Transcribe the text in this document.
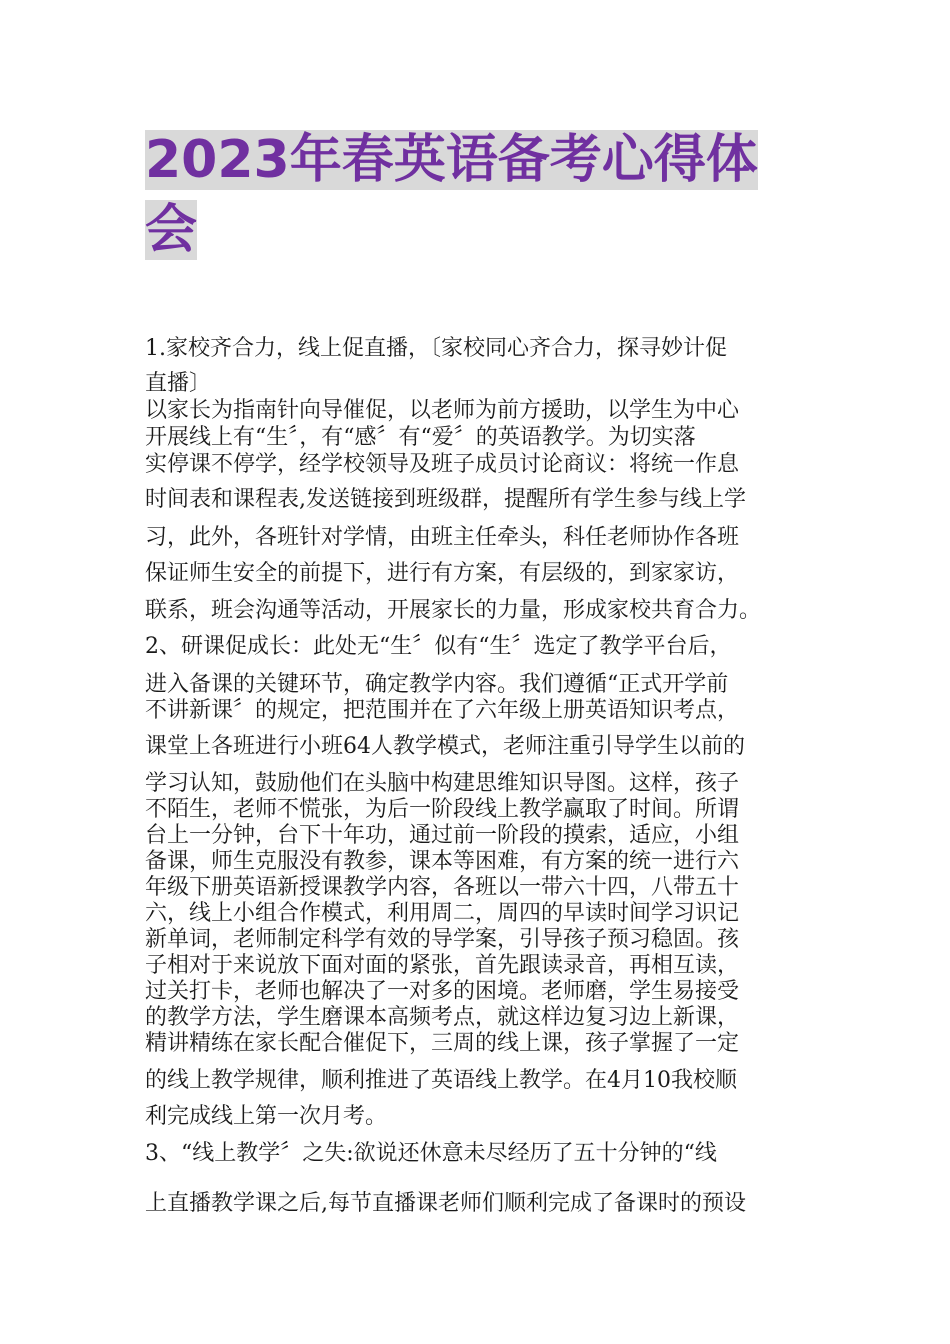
2023年春英语备考心得体
会
1.家校齐合力，线上促直播，〔家校同心齐合力，探寻妙计促
直播〕
以家长为指南针向导催促，以老师为前方援助，以学生为中心
开展线上有“生〞，有“感〞有“爱〞的英语教学。为切实落
实停课不停学，经学校领导及班子成员讨论商议：将统一作息
时间表和课程表,发送链接到班级群，提醒所有学生参与线上学
习，此外，各班针对学情，由班主任牵头，科任老师协作各班
保证师生安全的前提下，进行有方案，有层级的，到家家访，
联系，班会沟通等活动，开展家长的力量，形成家校共育合力。
2、研课促成长：此处无“生〞似有“生〞选定了教学平台后，
进入备课的关键环节，确定教学内容。我们遵循“正式开学前
不讲新课〞的规定，把范围并在了六年级上册英语知识考点，
课堂上各班进行小班64人教学模式，老师注重引导学生以前的
学习认知，鼓励他们在头脑中构建思维知识导图。这样，孩子
不陌生，老师不慌张，为后一阶段线上教学赢取了时间。所谓
台上一分钟，台下十年功，通过前一阶段的摸索，适应，小组
备课，师生克服没有教参，课本等困难，有方案的统一进行六
年级下册英语新授课教学内容，各班以一带六十四，八带五十
六，线上小组合作模式，利用周二，周四的早读时间学习识记
新单词，老师制定科学有效的导学案，引导孩子预习稳固。孩
子相对于来说放下面对面的紧张，首先跟读录音，再相互读，
过关打卡，老师也解决了一对多的困境。老师磨，学生易接受
的教学方法，学生磨课本高频考点，就这样边复习边上新课，
精讲精练在家长配合催促下，三周的线上课，孩子掌握了一定
的线上教学规律，顺利推进了英语线上教学。在4月10我校顺
利完成线上第一次月考。
3、“线上教学〞之失:欲说还休意未尽经历了五十分钟的“线
上直播教学课之后,每节直播课老师们顺利完成了备课时的预设
